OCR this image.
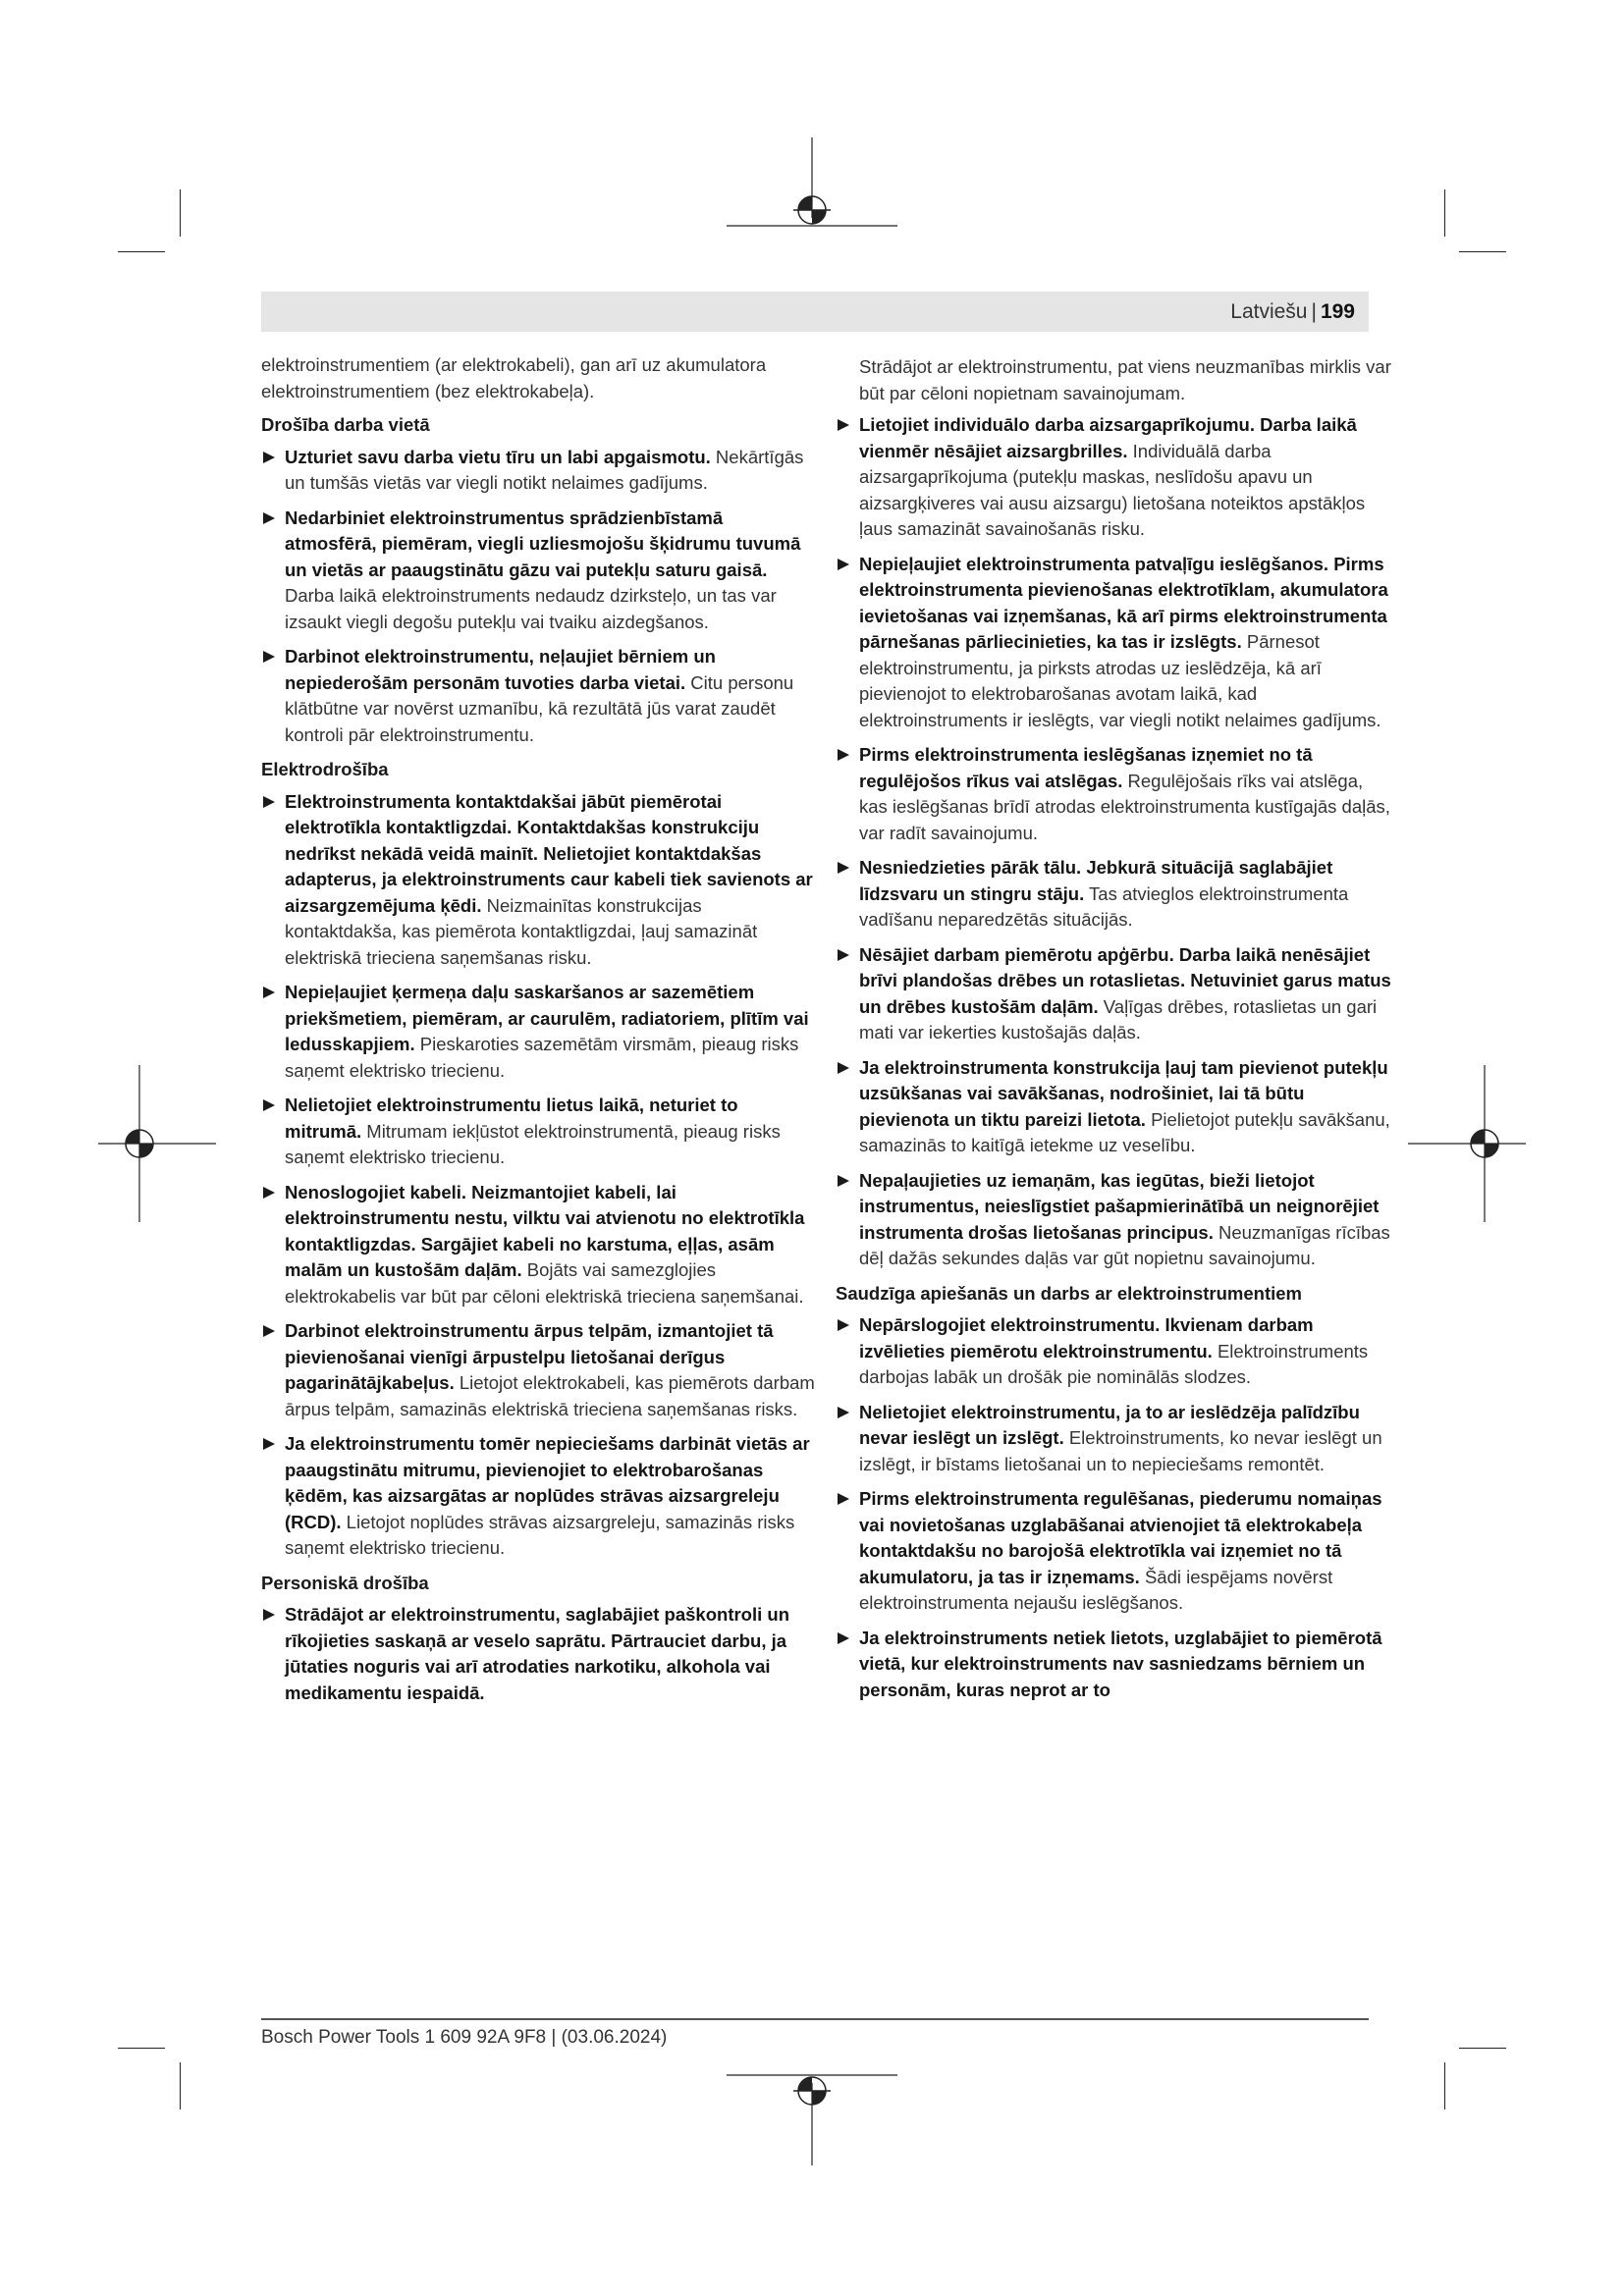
Latviešu | 199

elektroinstrumentiem (ar elektrokabeli), gan arī uz akumulatora elektroinstrumentiem (bez elektrokabeļa).

Drošība darba vietā
Uzturiet savu darba vietu tīru un labi apgaismotu. Nekārtīgās un tumšās vietās var viegli notikt nelaimes gadījums.
Nedarbiniet elektroinstrumentus sprādzienbīstamā atmosfērā, piemēram, viegli uzliesmojošu šķidrumu tuvumā un vietās ar paaugstinātu gāzu vai putekļu saturu gaisā. Darba laikā elektroinstruments nedaudz dzirksteļo, un tas var izsaukt viegli degošu putekļu vai tvaiku aizdegšanos.
Darbinot elektroinstrumentu, neļaujiet bērniem un nepiederošām personām tuvoties darba vietai. Citu personu klātbūtne var novērst uzmanību, kā rezultātā jūs varat zaudēt kontroli pār elektroinstrumentu.
Elektrodrošība
Elektroinstrumenta kontaktdakšai jābūt piemērotai elektrotīkla kontaktligzdai. Kontaktdakšas konstrukciju nedrīkst nekādā veidā mainīt. Nelietojiet kontaktdakšas adapterus, ja elektroinstruments caur kabeli tiek savienots ar aizsargzemējuma ķēdi. Neizmainītas konstrukcijas kontaktdakša, kas piemērota kontaktligzdai, ļauj samazināt elektriskā trieciena saņemšanas risku.
Nepieļaujiet ķermeņa daļu saskaršanos ar sazemētiem priekšmetiem, piemēram, ar caurulēm, radiatoriem, plītīm vai ledusskapjiem. Pieskaroties sazemētām virsmām, pieaug risks saņemt elektrisko triecienu.
Nelietojiet elektroinstrumentu lietus laikā, neturiet to mitrumā. Mitrumam iekļūstot elektroinstrumentā, pieaug risks saņemt elektrisko triecienu.
Nenoslogojiet kabeli. Neizmantojiet kabeli, lai elektroinstrumentu nestu, vilktu vai atvienotu no elektrotīkla kontaktligzdas. Sargājiet kabeli no karstuma, eļļas, asām malām un kustošām daļām. Bojāts vai samezglojies elektrokabelis var būt par cēloni elektriskā trieciena saņemšanai.
Darbinot elektroinstrumentu ārpus telpām, izmantojiet tā pievienošanai vienīgi ārpustelpu lietošanai derīgus pagarinātājkabeļus. Lietojot elektrokabeli, kas piemērots darbam ārpus telpām, samazinās elektriskā trieciena saņemšanas risks.
Ja elektroinstrumentu tomēr nepieciešams darbināt vietās ar paaugstinātu mitrumu, pievienojiet to elektrobarošanas ķēdēm, kas aizsargātas ar noplūdes strāvas aizsargreleju (RCD). Lietojot noplūdes strāvas aizsargreleju, samazinās risks saņemt elektrisko triecienu.
Personiskā drošība
Strādājot ar elektroinstrumentu, saglabājiet paškontroli un rīkojieties saskaņā ar veselo saprātu. Pārtrauciet darbu, ja jūtaties noguris vai arī atrodaties narkotiku, alkohola vai medikamentu iespaidā.

Strādājot ar elektroinstrumentu, pat viens neuzmanības mirklis var būt par cēloni nopietnam savainojumam.

Lietojiet individuālo darba aizsargaprīkojumu. Darba laikā vienmēr nēsājiet aizsargbrilles. Individuālā darba aizsargaprīkojuma (putekļu maskas, neslīdošu apavu un aizsargķiveres vai ausu aizsargu) lietošana noteiktos apstākļos ļaus samazināt savainošanās risku.
Nepieļaujiet elektroinstrumenta patvaļīgu ieslēgšanos. Pirms elektroinstrumenta pievienošanas elektrotīklam, akumulatora ievietošanas vai izņemšanas, kā arī pirms elektroinstrumenta pārnešanas pārliecinieties, ka tas ir izslēgts. Pārnesot elektroinstrumentu, ja pirksts atrodas uz ieslēdzēja, kā arī pievienojot to elektrobarošanas avotam laikā, kad elektroinstruments ir ieslēgts, var viegli notikt nelaimes gadījums.
Pirms elektroinstrumenta ieslēgšanas izņemiet no tā regulējošos rīkus vai atslēgas. Regulējošais rīks vai atslēga, kas ieslēgšanas brīdī atrodas elektroinstrumenta kustīgajās daļās, var radīt savainojumu.
Nesniedzieties pārāk tālu. Jebkurā situācijā saglabājiet līdzsvaru un stingru stāju. Tas atvieglos elektroinstrumenta vadīšanu neparedzētās situācijās.
Nēsājiet darbam piemērotu apģērbu. Darba laikā nenēsājiet brīvi plandošas drēbes un rotaslietas. Netuviniet garus matus un drēbes kustošām daļām. Vaļīgas drēbes, rotaslietas un gari mati var iekerties kustošajās daļās.
Ja elektroinstrumenta konstrukcija ļauj tam pievienot putekļu uzsūkšanas vai savākšanas, nodrošiniet, lai tā būtu pievienota un tiktu pareizi lietota. Pielietojot putekļu savākšanu, samazinās to kaitīgā ietekme uz veselību.
Nepaļaujieties uz iemaņām, kas iegūtas, bieži lietojot instrumentus, neieslīgstiet pašapmierinātībā un neignorējiet instrumenta drošas lietošanas principus. Neuzmanīgas rīcības dēļ dažās sekundes daļās var gūt nopietnu savainojumu.
Saudzīga apiešanās un darbs ar elektroinstrumentiem
Nepārslogojiet elektroinstrumentu. Ikvienam darbam izvēlieties piemērotu elektroinstrumentu. Elektroinstruments darbojas labāk un drošāk pie nominālās slodzes.
Nelietojiet elektroinstrumentu, ja to ar ieslēdzēja palīdzību nevar ieslēgt un izslēgt. Elektroinstruments, ko nevar ieslēgt un izslēgt, ir bīstams lietošanai un to nepieciešams remontēt.
Pirms elektroinstrumenta regulēšanas, piederumu nomaiņas vai novietošanas uzglabāšanai atvienojiet tā elektrokabeļa kontaktdakšu no barojošā elektrotīkla vai izņemiet no tā akumulatoru, ja tas ir izņemams. Šādi iespējams novērst elektroinstrumenta nejaušu ieslēgšanos.
Ja elektroinstruments netiek lietots, uzglabājiet to piemērotā vietā, kur elektroinstruments nav sasniedzams bērniem un personām, kuras neprot ar to
Bosch Power Tools 1 609 92A 9F8 | (03.06.2024)
